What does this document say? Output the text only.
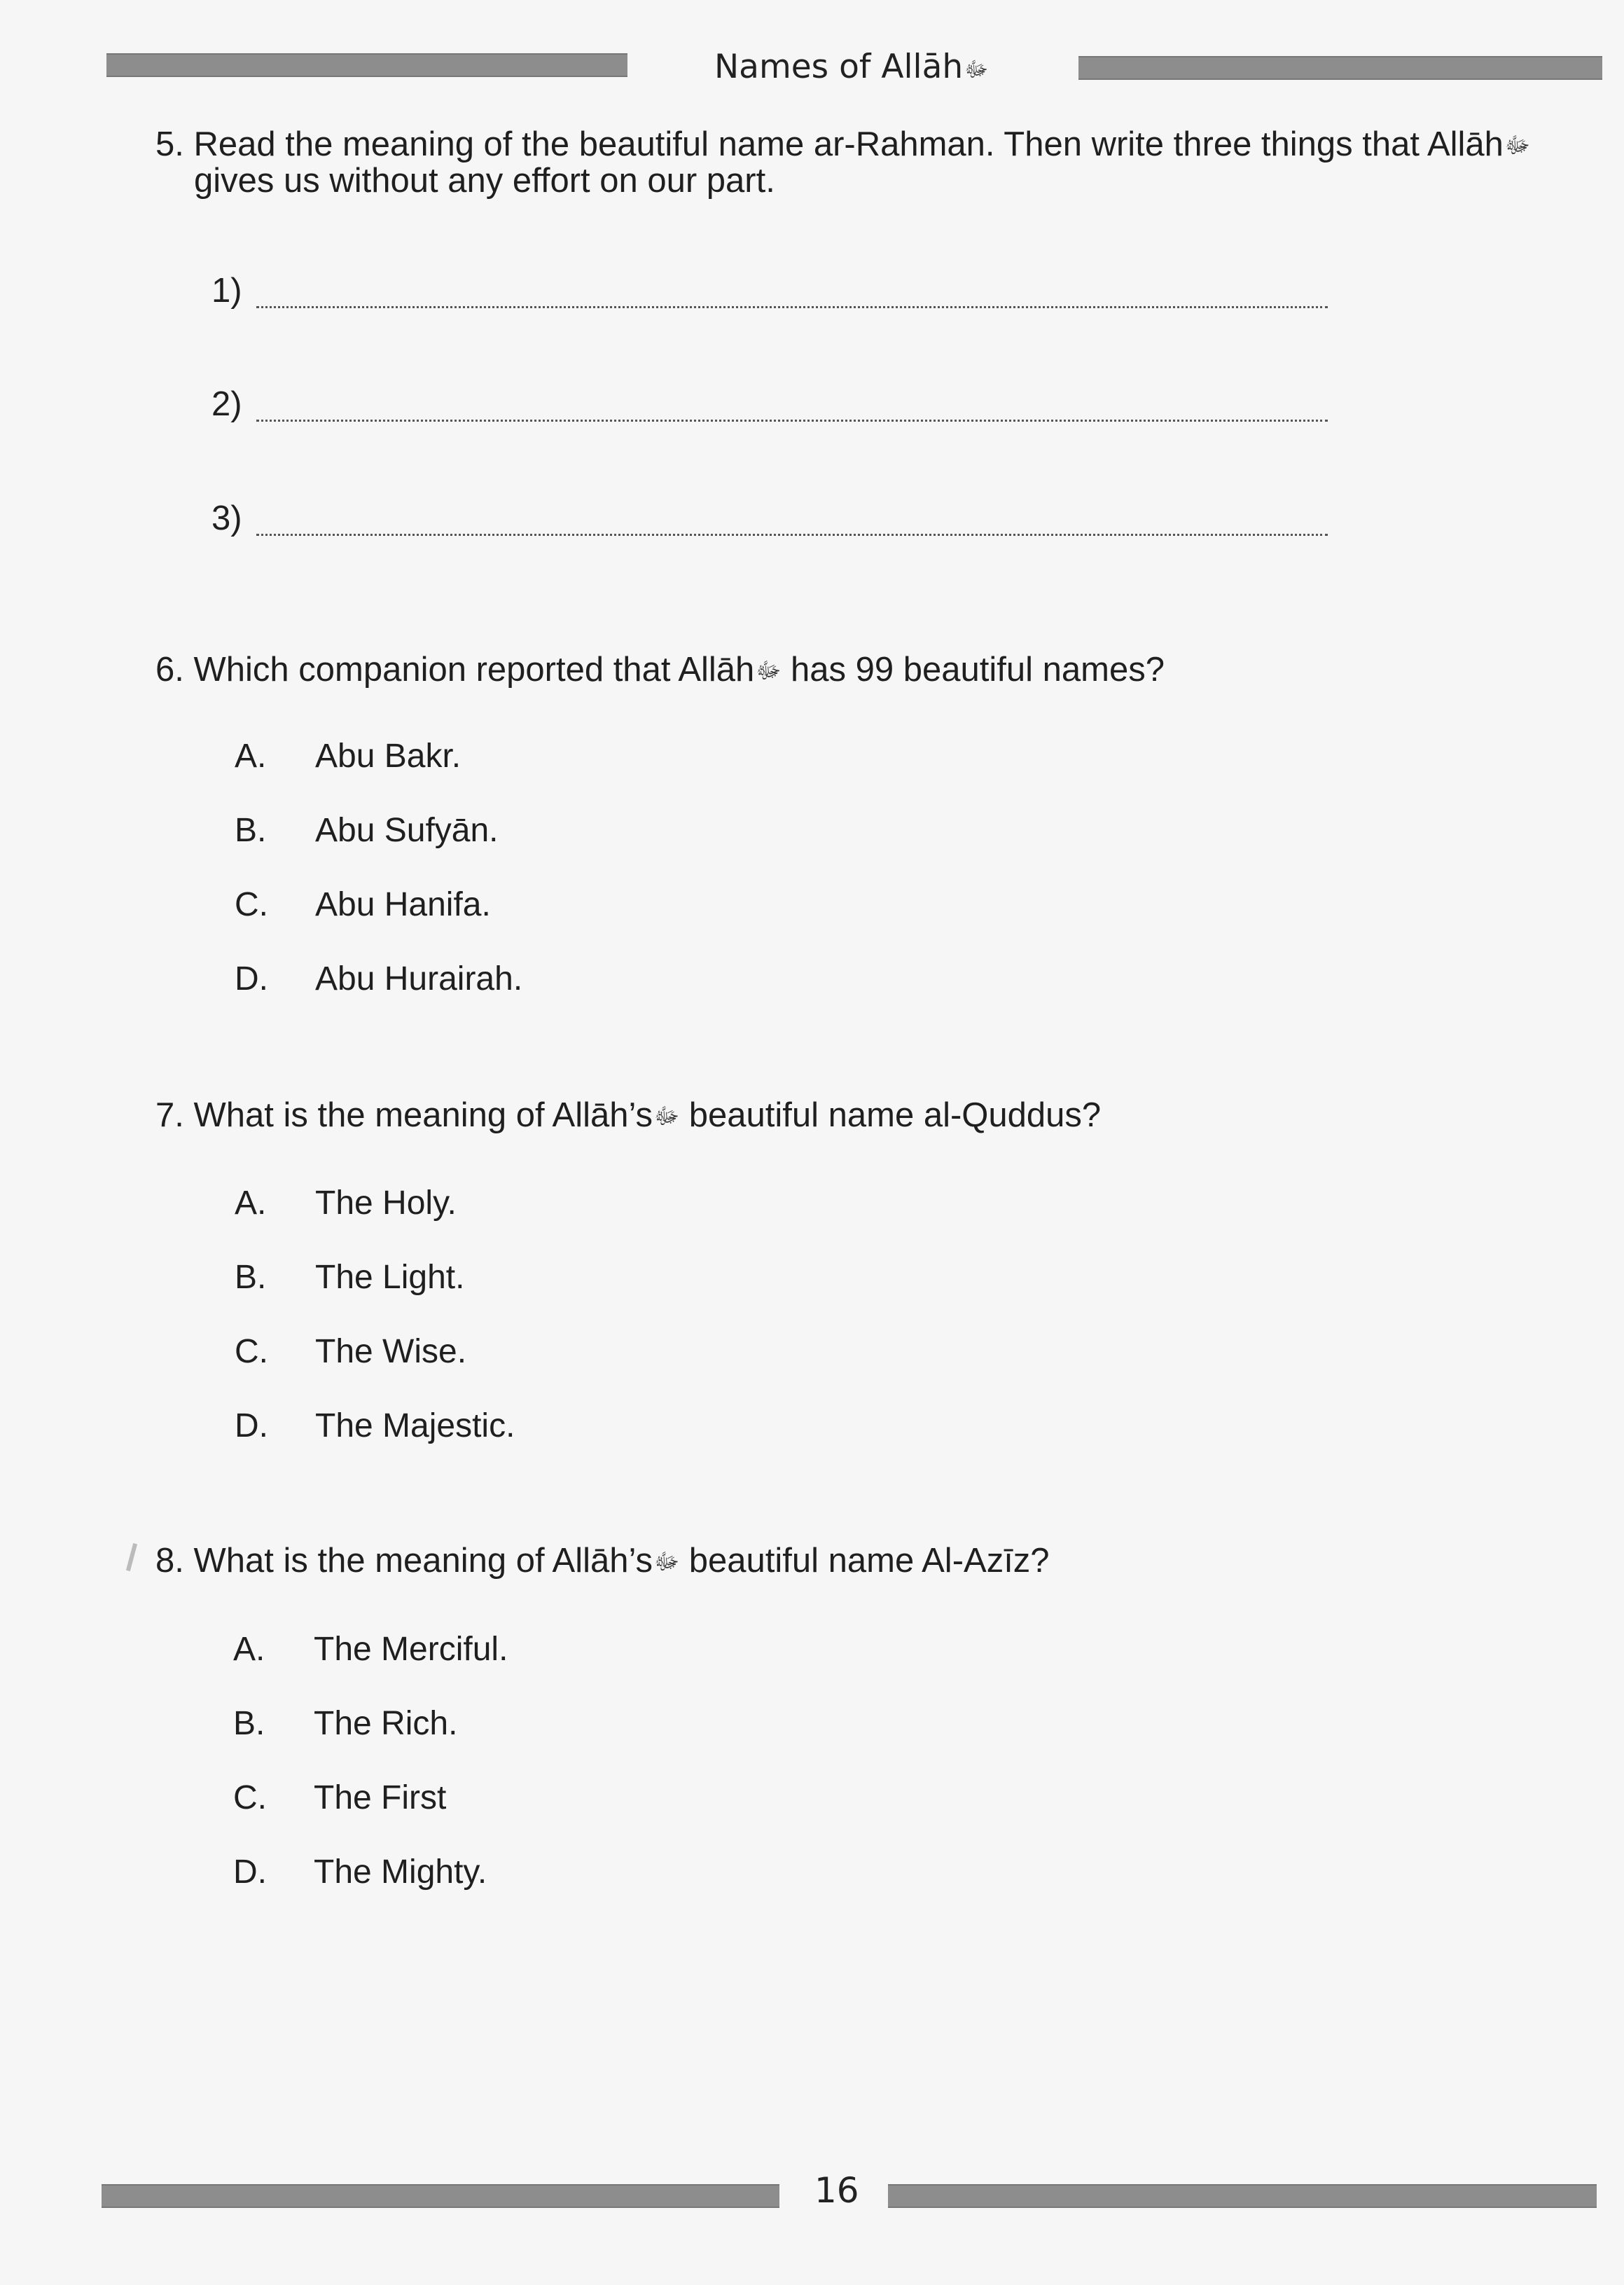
Names of Allāhﷻ
5. Read the meaning of the beautiful name ar-Rahman. Then write three things that Allāhﷻ
gives us without any effort on our part.
1)
2)
3)
6. Which companion reported that Allāhﷻ has 99 beautiful names?
A. Abu Bakr.
B. Abu Sufyān.
C. Abu Hanifa.
D. Abu Hurairah.
7. What is the meaning of Allāh’sﷻ beautiful name al-Quddus?
A. The Holy.
B. The Light.
C. The Wise.
D. The Majestic.
8. What is the meaning of Allāh’sﷻ beautiful name Al-Azīz?
A. The Merciful.
B. The Rich.
C. The First
D. The Mighty.
16
